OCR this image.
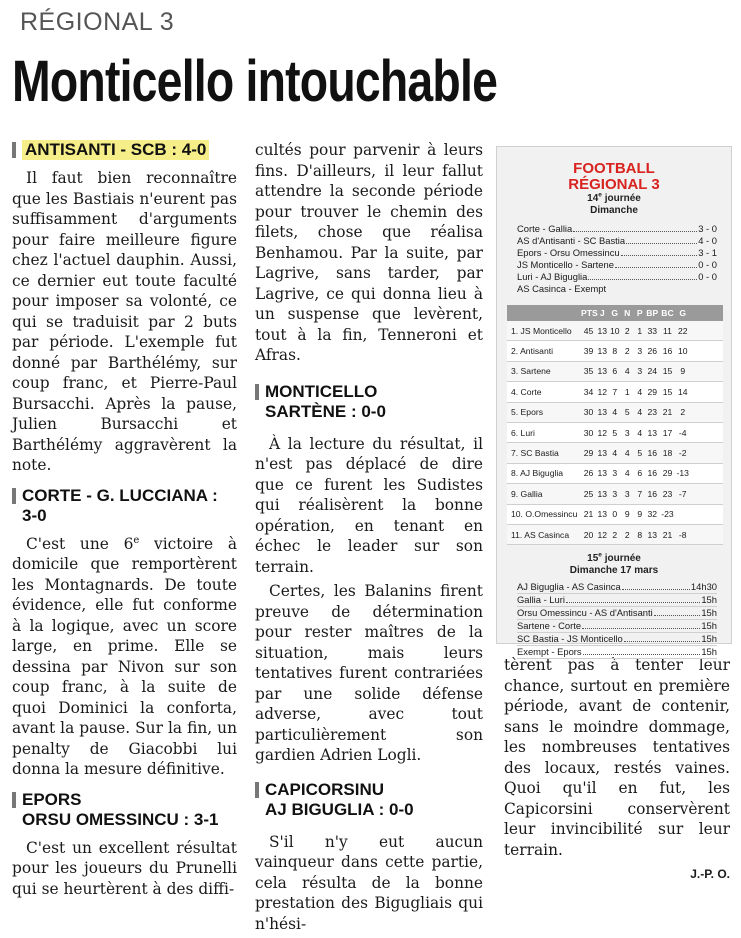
RÉGIONAL 3
Monticello intouchable
ANTISANTI - SCB : 4-0

Il faut bien reconnaître que les Bastiais n'eurent pas suffisamment d'arguments pour faire meilleure figure chez l'actuel dauphin. Aussi, ce dernier eut toute faculté pour imposer sa volonté, ce qui se traduisit par 2 buts par période. L'exemple fut donné par Barthélémy, sur coup franc, et Pierre-Paul Bursacchi. Après la pause, Julien Bursacchi et Barthélémy aggravèrent la note.

CORTE - G. LUCCIANA : 3-0

C'est une 6e victoire à domicile que remportèrent les Montagnards. De toute évidence, elle fut conforme à la logique, avec un score large, en prime. Elle se dessina par Nivon sur son coup franc, à la suite de quoi Dominici la conforta, avant la pause. Sur la fin, un penalty de Giacobbi lui donna la mesure définitive.

EPORS
ORSU OMESSINCU : 3-1

C'est un excellent résultat pour les joueurs du Prunelli qui se heurtèrent à des diffi-

cultés pour parvenir à leurs fins. D'ailleurs, il leur fallut attendre la seconde période pour trouver le chemin des filets, chose que réalisa Benhamou. Par la suite, par Lagrive, sans tarder, par Lagrive, ce qui donna lieu à un suspense que levèrent, tout à la fin, Tenneroni et Afras.

MONTICELLO
SARTÈNE : 0-0

À la lecture du résultat, il n'est pas déplacé de dire que ce furent les Sudistes qui réalisèrent la bonne opération, en tenant en échec le leader sur son terrain.

Certes, les Balanins firent preuve de détermination pour rester maîtres de la situation, mais leurs tentatives furent contrariées par une solide défense adverse, avec tout particulièrement son gardien Adrien Logli.

CAPICORSINU
AJ BIGUGLIA : 0-0

S'il n'y eut aucun vainqueur dans cette partie, cela résulta de la bonne prestation des Bigugliais qui n'hési-

tèrent pas à tenter leur chance, surtout en première période, avant de contenir, sans le moindre dommage, les nombreuses tentatives des locaux, restés vaines. Quoi qu'il en fut, les Capicorsini conservèrent leur invincibilité sur leur terrain.

J.-P. O.
FOOTBALL
RÉGIONAL 3
14e journée
Dimanche
Corte - Gallia	3 - 0
AS d'Antisanti - SC Bastia	4 - 0
Epors - Orsu Omessincu	3 - 1
JS Monticello - Sartene	0 - 0
Luri - AJ Biguglia	0 - 0
AS Casinca - Exempt
PTS J G N P BP BC G
1. JS Monticello	45 13 10 2 1 33 11 22
2. Antisanti	39 13 8 2 3 26 16 10
3. Sartene	35 13 6 4 3 24 15 9
4. Corte	34 12 7 1 4 29 15 14
5. Epors	30 13 4 5 4 23 21 2
6. Luri	30 12 5 3 4 13 17 -4
7. SC Bastia	29 13 4 4 5 16 18 -2
8. AJ Biguglia	26 13 3 4 6 16 29 -13
9. Gallia	25 13 3 3 7 16 23 -7
10. O.Omessincu 21 13 0 9 9 32 -23
11. AS Casinca	20 12 2 2 8 13 21 -8
15e journée
Dimanche 17 mars
AJ Biguglia - AS Casinca	14h30
Gallia - Luri	15h
Orsu Omessincu - AS d'Antisanti	15h
Sartene - Corte	15h
SC Bastia - JS Monticello	15h
Exempt - Epors	15h
